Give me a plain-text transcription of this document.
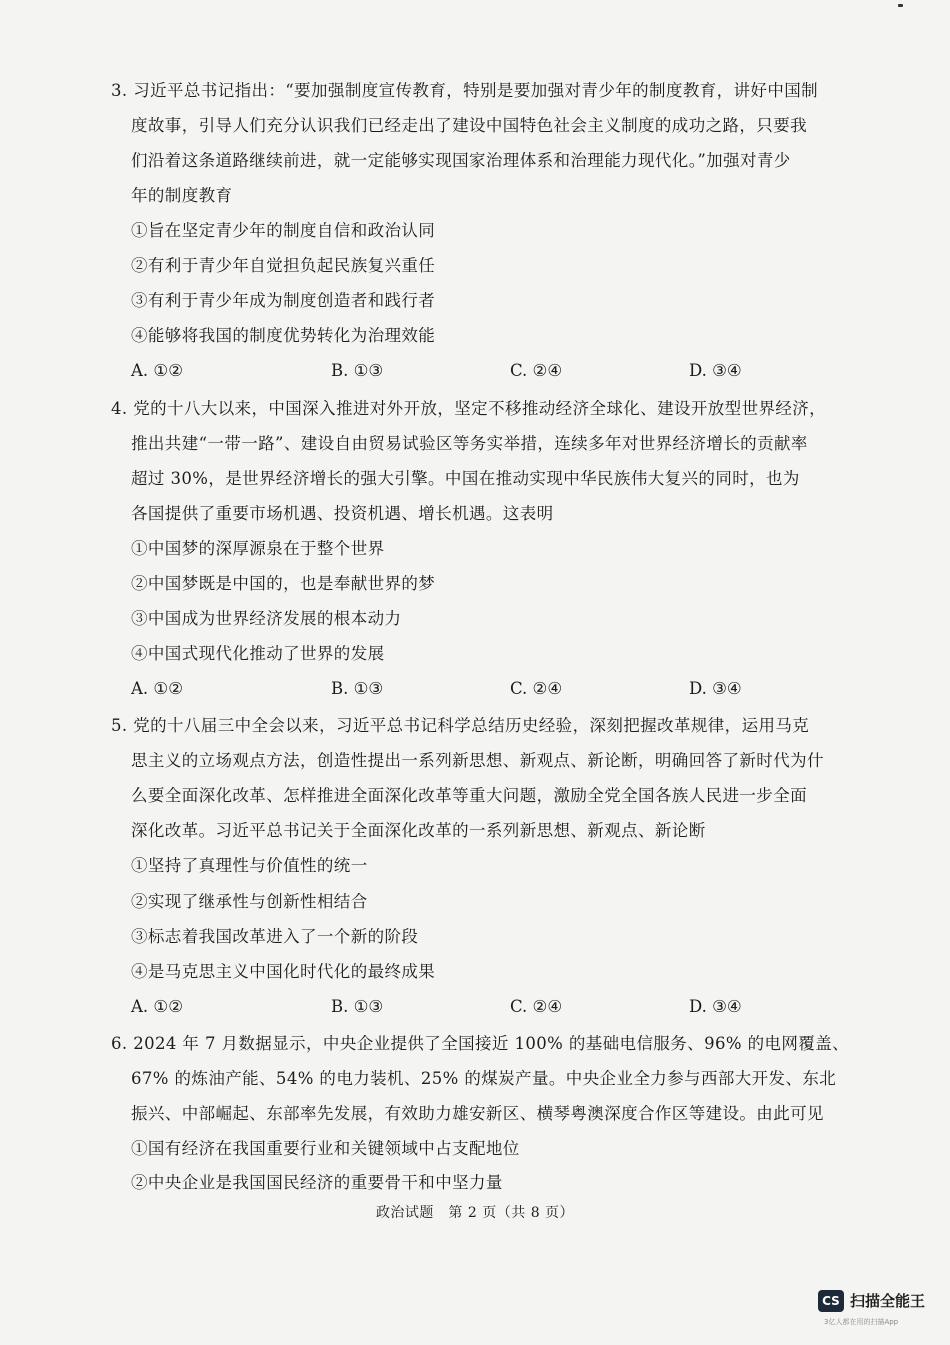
3. 习近平总书记指出：“要加强制度宣传教育，特别是要加强对青少年的制度教育，讲好中国制
度故事，引导人们充分认识我们已经走出了建设中国特色社会主义制度的成功之路，只要我
们沿着这条道路继续前进，就一定能够实现国家治理体系和治理能力现代化。”加强对青少
年的制度教育
①旨在坚定青少年的制度自信和政治认同
②有利于青少年自觉担负起民族复兴重任
③有利于青少年成为制度创造者和践行者
④能够将我国的制度优势转化为治理效能
A. ①②	B. ①③	C. ②④	D. ③④
4. 党的十八大以来，中国深入推进对外开放，坚定不移推动经济全球化、建设开放型世界经济，
推出共建“一带一路”、建设自由贸易试验区等务实举措，连续多年对世界经济增长的贡献率
超过 30%，是世界经济增长的强大引擎。中国在推动实现中华民族伟大复兴的同时，也为
各国提供了重要市场机遇、投资机遇、增长机遇。这表明
①中国梦的深厚源泉在于整个世界
②中国梦既是中国的，也是奉献世界的梦
③中国成为世界经济发展的根本动力
④中国式现代化推动了世界的发展
A. ①②	B. ①③	C. ②④	D. ③④
5. 党的十八届三中全会以来，习近平总书记科学总结历史经验，深刻把握改革规律，运用马克
思主义的立场观点方法，创造性提出一系列新思想、新观点、新论断，明确回答了新时代为什
么要全面深化改革、怎样推进全面深化改革等重大问题，激励全党全国各族人民进一步全面
深化改革。习近平总书记关于全面深化改革的一系列新思想、新观点、新论断
①坚持了真理性与价值性的统一
②实现了继承性与创新性相结合
③标志着我国改革进入了一个新的阶段
④是马克思主义中国化时代化的最终成果
A. ①②	B. ①③	C. ②④	D. ③④
6. 2024 年 7 月数据显示，中央企业提供了全国接近 100% 的基础电信服务、96% 的电网覆盖、
67% 的炼油产能、54% 的电力装机、25% 的煤炭产量。中央企业全力参与西部大开发、东北
振兴、中部崛起、东部率先发展，有效助力雄安新区、横琴粤澳深度合作区等建设。由此可见
①国有经济在我国重要行业和关键领域中占支配地位
②中央企业是我国国民经济的重要骨干和中坚力量
政治试题　第 2 页（共 8 页）
CS 扫描全能王
3亿人都在用的扫描App
